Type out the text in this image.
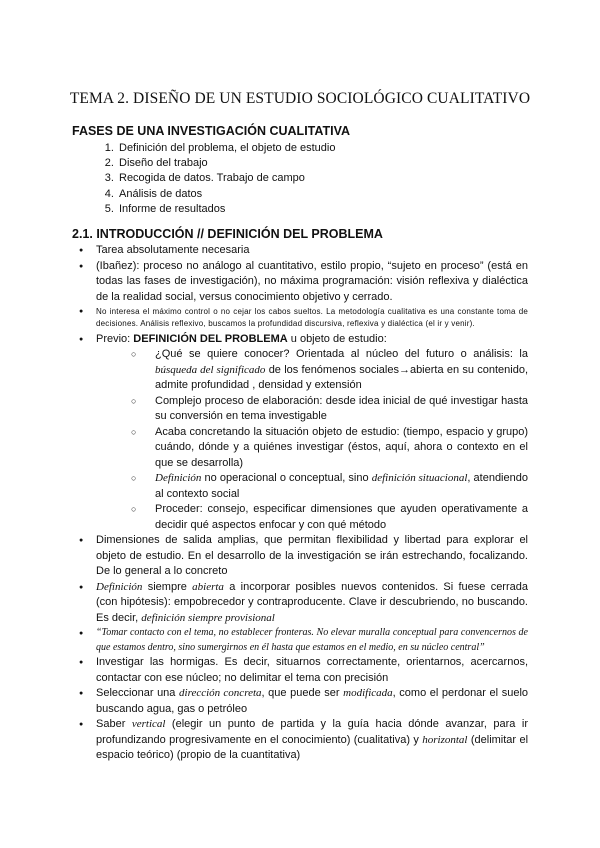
TEMA 2. DISEÑO DE UN ESTUDIO SOCIOLÓGICO CUALITATIVO
FASES DE UNA INVESTIGACIÓN CUALITATIVA
1. Definición del problema, el objeto de estudio
2. Diseño del trabajo
3. Recogida de datos. Trabajo de campo
4. Análisis de datos
5. Informe de resultados
2.1. INTRODUCCIÓN // DEFINICIÓN DEL PROBLEMA
● Tarea absolutamente necesaria
● (Ibañez): proceso no análogo al cuantitativo, estilo propio, “sujeto en proceso” (está en todas las fases de investigación), no máxima programación: visión reflexiva y dialéctica de la realidad social, versus conocimiento objetivo y cerrado.
● No interesa el máximo control o no cejar los cabos sueltos. La metodología cualitativa es una constante toma de decisiones. Análisis reflexivo, buscamos la profundidad discursiva, reflexiva y dialéctica (el ir y venir).
● Previo: DEFINICIÓN DEL PROBLEMA u objeto de estudio:
○ ¿Qué se quiere conocer? Orientada al núcleo del futuro o análisis: la búsqueda del significado de los fenómenos sociales→abierta en su contenido, admite profundidad , densidad y extensión
○ Complejo proceso de elaboración: desde idea inicial de qué investigar hasta su conversión en tema investigable
○ Acaba concretando la situación objeto de estudio: (tiempo, espacio y grupo) cuándo, dónde y a quiénes investigar (éstos, aquí, ahora o contexto en el que se desarrolla)
○ Definición no operacional o conceptual, sino definición situacional, atendiendo al contexto social
○ Proceder: consejo, especificar dimensiones que ayuden operativamente a decidir qué aspectos enfocar y con qué método
● Dimensiones de salida amplias, que permitan flexibilidad y libertad para explorar el objeto de estudio. En el desarrollo de la investigación se irán estrechando, focalizando. De lo general a lo concreto
● Definición siempre abierta a incorporar posibles nuevos contenidos. Si fuese cerrada (con hipótesis): empobrecedor y contraproducente. Clave ir descubriendo, no buscando. Es decir, definición siempre provisional
● “Tomar contacto con el tema, no establecer fronteras. No elevar muralla conceptual para convencernos de que estamos dentro, sino sumergirnos en él hasta que estamos en el medio, en su núcleo central”
● Investigar las hormigas. Es decir, situarnos correctamente, orientarnos, acercarnos, contactar con ese núcleo; no delimitar el tema con precisión
● Seleccionar una dirección concreta, que puede ser modificada, como el perdonar el suelo buscando agua, gas o petróleo
● Saber vertical (elegir un punto de partida y la guía hacia dónde avanzar, para ir profundizando progresivamente en el conocimiento) (cualitativa) y horizontal (delimitar el espacio teórico) (propio de la cuantitativa)
